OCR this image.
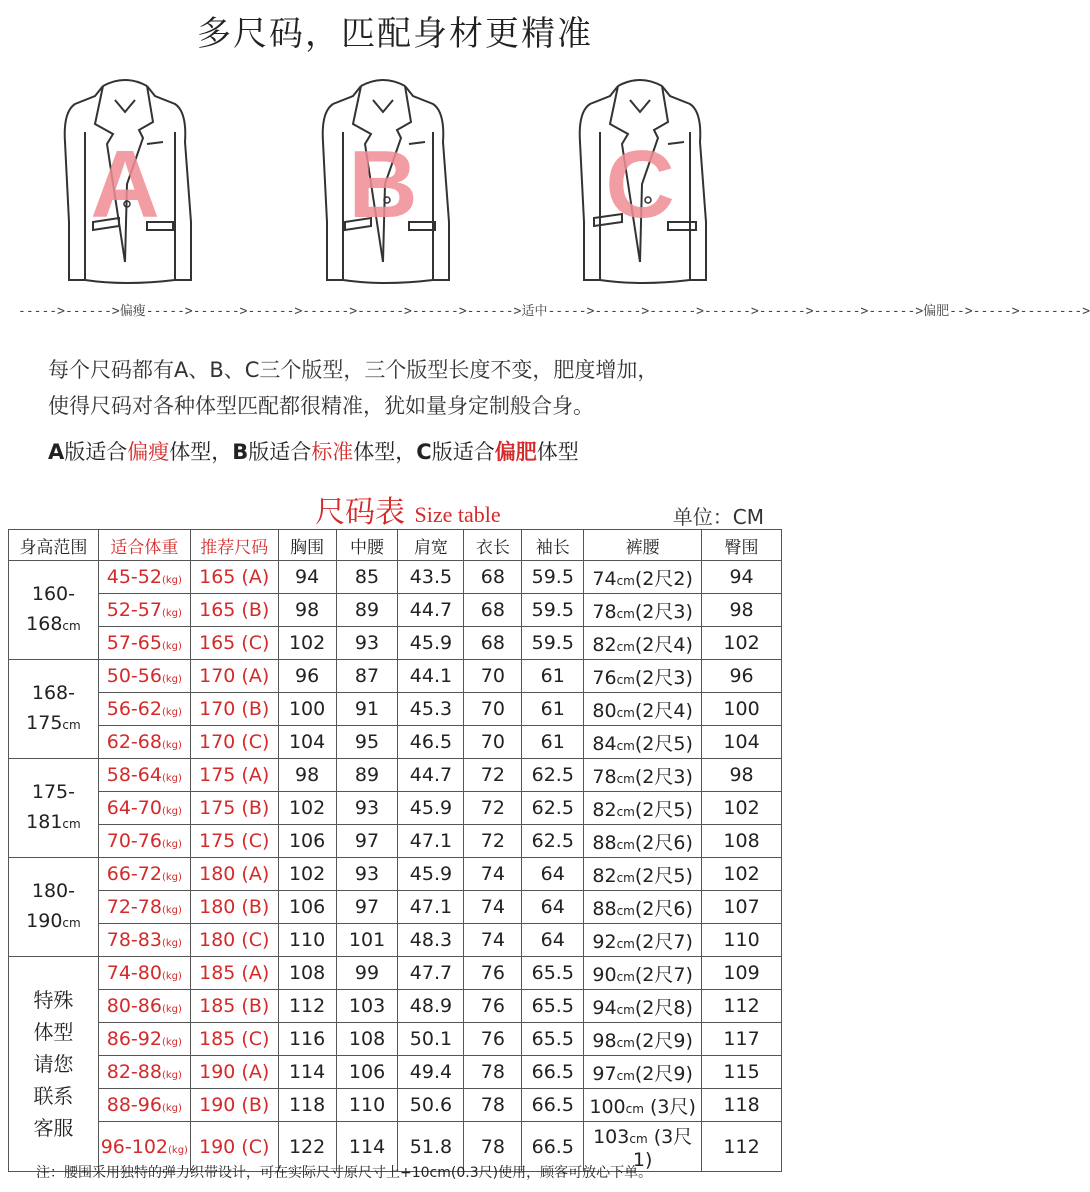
多尺码，匹配身材更精准
A B C
----->------>偏瘦----->------>------>------>------>------>------>适中----->------>------>------>------>------>------>偏肥-->----->-------->

每个尺码都有A、B、C三个版型，三个版型长度不变，肥度增加，

使得尺码对各种体型匹配都很精准，犹如量身定制般合身。

A版适合偏瘦体型，B版适合标准体型，C版适合偏肥体型

尺码表 Size table	单位：CM
身高范围	适合体重	推荐尺码	胸围	中腰	肩宽	衣长	袖长	裤腰	臀围

160-
168cm	45-52(kg)	165 (A)	94	85	43.5	68	59.5	74cm(2尺2)	94
	52-57(kg)	165 (B)	98	89	44.7	68	59.5	78cm(2尺3)	98
	57-65(kg)	165 (C)	102	93	45.9	68	59.5	82cm(2尺4)	102

168-
175cm	50-56(kg)	170 (A)	96	87	44.1	70	61	76cm(2尺3)	96
	56-62(kg)	170 (B)	100	91	45.3	70	61	80cm(2尺4)	100
	62-68(kg)	170 (C)	104	95	46.5	70	61	84cm(2尺5)	104

175-
181cm	58-64(kg)	175 (A)	98	89	44.7	72	62.5	78cm(2尺3)	98
	64-70(kg)	175 (B)	102	93	45.9	72	62.5	82cm(2尺5)	102
	70-76(kg)	175 (C)	106	97	47.1	72	62.5	88cm(2尺6)	108

180-
190cm	66-72(kg)	180 (A)	102	93	45.9	74	64	82cm(2尺5)	102
	72-78(kg)	180 (B)	106	97	47.1	74	64	88cm(2尺6)	107
	78-83(kg)	180 (C)	110	101	48.3	74	64	92cm(2尺7)	110

特殊
体型
请您
联系
客服	74-80(kg)	185 (A)	108	99	47.7	76	65.5	90cm(2尺7)	109
	80-86(kg)	185 (B)	112	103	48.9	76	65.5	94cm(2尺8)	112
	86-92(kg)	185 (C)	116	108	50.1	76	65.5	98cm(2尺9)	117
	82-88(kg)	190 (A)	114	106	49.4	78	66.5	97cm(2尺9)	115
	88-96(kg)	190 (B)	118	110	50.6	78	66.5	100cm (3尺)	118
	96-102(kg)	190 (C)	122	114	51.8	78	66.5	103cm (3尺1)	112
注：腰围采用独特的弹力织带设计，可在实际尺寸原尺寸上+10cm(0.3尺)使用，顾客可放心下单。
